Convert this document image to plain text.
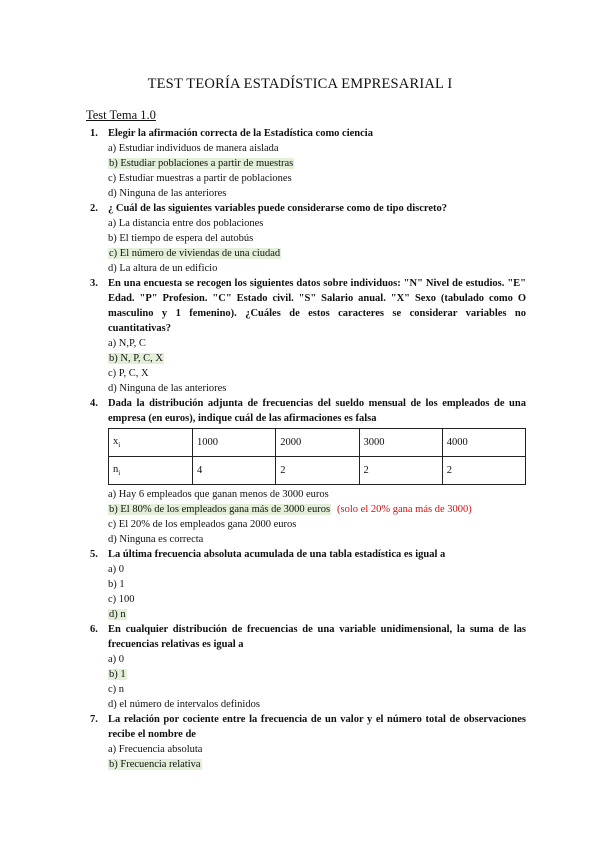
TEST TEORÍA ESTADÍSTICA EMPRESARIAL I
Test Tema 1.0
1. Elegir la afirmación correcta de la Estadística como ciencia
a) Estudiar individuos de manera aislada
b) Estudiar poblaciones a partir de muestras
c) Estudiar muestras a partir de poblaciones
d) Ninguna de las anteriores
2. ¿ Cuál de las siguientes variables puede considerarse como de tipo discreto?
a) La distancia entre dos poblaciones
b) El tiempo de espera del autobús
c) El número de viviendas de una ciudad
d) La altura de un edificio
3. En una encuesta se recogen los siguientes datos sobre individuos: "N" Nivel de estudios. "E" Edad. "P" Profesion. "C" Estado civil. "S" Salario anual. "X" Sexo (tabulado como O masculino y 1 femenino). ¿Cuáles de estos caracteres se considerar variables no cuantitativas?
a) N,P, C
b) N, P, C, X
c) P, C, X
d) Ninguna de las anteriores
4. Dada la distribución adjunta de frecuencias del sueldo mensual de los empleados de una empresa (en euros), indique cuál de las afirmaciones es falsa
$x_i$	1000	2000	3000	4000
$n_i$	4	2	2	2
a) Hay 6 empleados que ganan menos de 3000 euros
b) El 80% de los empleados gana más de 3000 euros (solo el 20% gana más de 3000)
c) El 20% de los empleados gana 2000 euros
d) Ninguna es correcta
5. La última frecuencia absoluta acumulada de una tabla estadística es igual a
a) 0
b) 1
c) 100
d) n
6. En cualquier distribución de frecuencias de una variable unidimensional, la suma de las frecuencias relativas es igual a
a) 0
b) 1
c) n
d) el número de intervalos definidos
7. La relación por cociente entre la frecuencia de un valor y el número total de observaciones recibe el nombre de
a) Frecuencia absoluta
b) Frecuencia relativa
